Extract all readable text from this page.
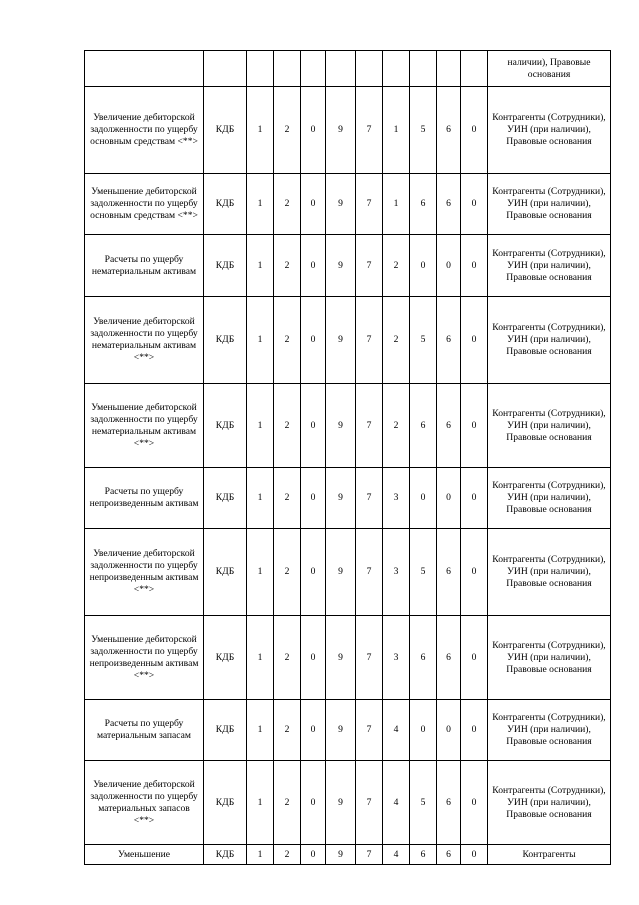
											наличии), Правовые основания
Увеличение дебиторской задолженности по ущербу основным средствам <**>	КДБ	1	2	0	9	7	1	5	6	0	Контрагенты (Сотрудники), УИН (при наличии), Правовые основания
Уменьшение дебиторской задолженности по ущербу основным средствам <**>	КДБ	1	2	0	9	7	1	6	6	0	Контрагенты (Сотрудники), УИН (при наличии), Правовые основания
Расчеты по ущербу нематериальным активам	КДБ	1	2	0	9	7	2	0	0	0	Контрагенты (Сотрудники), УИН (при наличии), Правовые основания
Увеличение дебиторской задолженности по ущербу нематериальным активам <**>	КДБ	1	2	0	9	7	2	5	6	0	Контрагенты (Сотрудники), УИН (при наличии), Правовые основания
Уменьшение дебиторской задолженности по ущербу нематериальным активам <**>	КДБ	1	2	0	9	7	2	6	6	0	Контрагенты (Сотрудники), УИН (при наличии), Правовые основания
Расчеты по ущербу непроизведенным активам	КДБ	1	2	0	9	7	3	0	0	0	Контрагенты (Сотрудники), УИН (при наличии), Правовые основания
Увеличение дебиторской задолженности по ущербу непроизведенным активам <**>	КДБ	1	2	0	9	7	3	5	6	0	Контрагенты (Сотрудники), УИН (при наличии), Правовые основания
Уменьшение дебиторской задолженности по ущербу непроизведенным активам <**>	КДБ	1	2	0	9	7	3	6	6	0	Контрагенты (Сотрудники), УИН (при наличии), Правовые основания
Расчеты по ущербу материальным запасам	КДБ	1	2	0	9	7	4	0	0	0	Контрагенты (Сотрудники), УИН (при наличии), Правовые основания
Увеличение дебиторской задолженности по ущербу материальных запасов <**>	КДБ	1	2	0	9	7	4	5	6	0	Контрагенты (Сотрудники), УИН (при наличии), Правовые основания
Уменьшение	КДБ	1	2	0	9	7	4	6	6	0	Контрагенты
